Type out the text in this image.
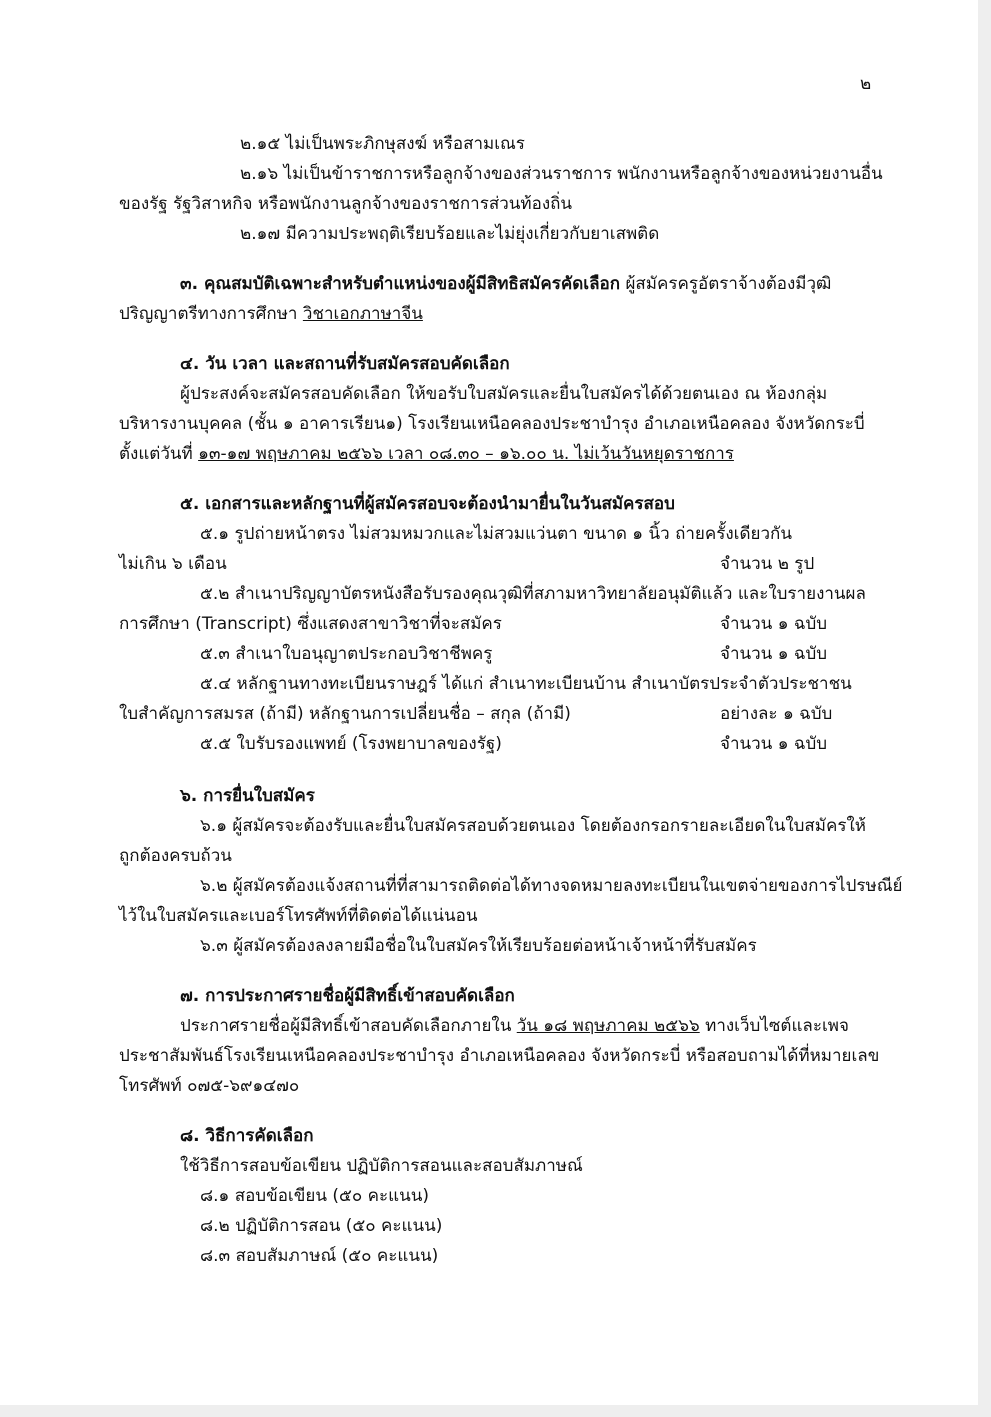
๒
๒.๑๕ ไม่เป็นพระภิกษุสงฆ์ หรือสามเณร
๒.๑๖ ไม่เป็นข้าราชการหรือลูกจ้างของส่วนราชการ พนักงานหรือลูกจ้างของหน่วยงานอื่น
ของรัฐ รัฐวิสาหกิจ หรือพนักงานลูกจ้างของราชการส่วนท้องถิ่น
๒.๑๗ มีความประพฤติเรียบร้อยและไม่ยุ่งเกี่ยวกับยาเสพติด
๓. คุณสมบัติเฉพาะสำหรับตำแหน่งของผู้มีสิทธิสมัครคัดเลือก ผู้สมัครครูอัตราจ้างต้องมีวุฒิ
ปริญญาตรีทางการศึกษา วิชาเอกภาษาจีน
๔. วัน เวลา และสถานที่รับสมัครสอบคัดเลือก
ผู้ประสงค์จะสมัครสอบคัดเลือก ให้ขอรับใบสมัครและยื่นใบสมัครได้ด้วยตนเอง ณ ห้องกลุ่ม
บริหารงานบุคคล (ชั้น ๑ อาคารเรียน๑) โรงเรียนเหนือคลองประชาบำรุง อำเภอเหนือคลอง จังหวัดกระบี่
ตั้งแต่วันที่ ๑๓-๑๗ พฤษภาคม ๒๕๖๖ เวลา ๐๘.๓๐ – ๑๖.๐๐ น. ไม่เว้นวันหยุดราชการ
๕. เอกสารและหลักฐานที่ผู้สมัครสอบจะต้องนำมายื่นในวันสมัครสอบ
๕.๑ รูปถ่ายหน้าตรง ไม่สวมหมวกและไม่สวมแว่นตา ขนาด ๑ นิ้ว ถ่ายครั้งเดียวกัน
ไม่เกิน ๖ เดือน	จำนวน ๒ รูป
๕.๒ สำเนาปริญญาบัตรหนังสือรับรองคุณวุฒิที่สภามหาวิทยาลัยอนุมัติแล้ว และใบรายงานผล
การศึกษา (Transcript) ซึ่งแสดงสาขาวิชาที่จะสมัคร	จำนวน ๑ ฉบับ
๕.๓ สำเนาใบอนุญาตประกอบวิชาชีพครู	จำนวน ๑ ฉบับ
๕.๔ หลักฐานทางทะเบียนราษฎร์ ได้แก่ สำเนาทะเบียนบ้าน สำเนาบัตรประจำตัวประชาชน
ใบสำคัญการสมรส (ถ้ามี) หลักฐานการเปลี่ยนชื่อ – สกุล (ถ้ามี)	อย่างละ ๑ ฉบับ
๕.๕ ใบรับรองแพทย์ (โรงพยาบาลของรัฐ)	จำนวน ๑ ฉบับ
๖. การยื่นใบสมัคร
๖.๑ ผู้สมัครจะต้องรับและยื่นใบสมัครสอบด้วยตนเอง โดยต้องกรอกรายละเอียดในใบสมัครให้
ถูกต้องครบถ้วน
๖.๒ ผู้สมัครต้องแจ้งสถานที่ที่สามารถติดต่อได้ทางจดหมายลงทะเบียนในเขตจ่ายของการไปรษณีย์
ไว้ในใบสมัครและเบอร์โทรศัพท์ที่ติดต่อได้แน่นอน
๖.๓ ผู้สมัครต้องลงลายมือชื่อในใบสมัครให้เรียบร้อยต่อหน้าเจ้าหน้าที่รับสมัคร
๗. การประกาศรายชื่อผู้มีสิทธิ์เข้าสอบคัดเลือก
ประกาศรายชื่อผู้มีสิทธิ์เข้าสอบคัดเลือกภายใน วัน ๑๘ พฤษภาคม ๒๕๖๖ ทางเว็บไซต์และเพจ
ประชาสัมพันธ์โรงเรียนเหนือคลองประชาบำรุง อำเภอเหนือคลอง จังหวัดกระบี่ หรือสอบถามได้ที่หมายเลข
โทรศัพท์ ๐๗๕-๖๙๑๔๗๐
๘. วิธีการคัดเลือก
ใช้วิธีการสอบข้อเขียน ปฏิบัติการสอนและสอบสัมภาษณ์
๘.๑ สอบข้อเขียน (๕๐ คะแนน)
๘.๒ ปฏิบัติการสอน (๕๐ คะแนน)
๘.๓ สอบสัมภาษณ์ (๕๐ คะแนน)
